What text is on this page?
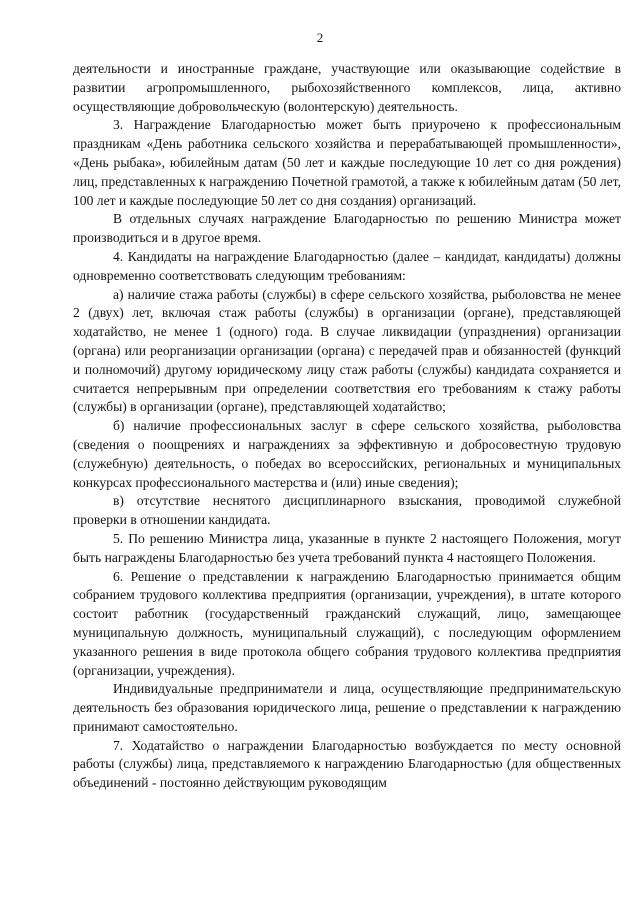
2

деятельности и иностранные граждане, участвующие или оказывающие содействие в развитии агропромышленного, рыбохозяйственного комплексов, лица, активно осуществляющие добровольческую (волонтерскую) деятельность.

3. Награждение Благодарностью может быть приурочено к профессиональным праздникам «День работника сельского хозяйства и перерабатывающей промышленности», «День рыбака», юбилейным датам (50 лет и каждые последующие 10 лет со дня рождения) лиц, представленных к награждению Почетной грамотой, а также к юбилейным датам (50 лет, 100 лет и каждые последующие 50 лет со дня создания) организаций.

В отдельных случаях награждение Благодарностью по решению Министра может производиться и в другое время.

4. Кандидаты на награждение Благодарностью (далее – кандидат, кандидаты) должны одновременно соответствовать следующим требованиям:

а) наличие стажа работы (службы) в сфере сельского хозяйства, рыболовства не менее 2 (двух) лет, включая стаж работы (службы) в организации (органе), представляющей ходатайство, не менее 1 (одного) года. В случае ликвидации (упразднения) организации (органа) или реорганизации организации (органа) с передачей прав и обязанностей (функций и полномочий) другому юридическому лицу стаж работы (службы) кандидата сохраняется и считается непрерывным при определении соответствия его требованиям к стажу работы (службы) в организации (органе), представляющей ходатайство;

б) наличие профессиональных заслуг в сфере сельского хозяйства, рыболовства (сведения о поощрениях и награждениях за эффективную и добросовестную трудовую (служебную) деятельность, о победах во всероссийских, региональных и муниципальных конкурсах профессионального мастерства и (или) иные сведения);

в) отсутствие неснятого дисциплинарного взыскания, проводимой служебной проверки в отношении кандидата.

5. По решению Министра лица, указанные в пункте 2 настоящего Положения, могут быть награждены Благодарностью без учета требований пункта 4 настоящего Положения.

6. Решение о представлении к награждению Благодарностью принимается общим собранием трудового коллектива предприятия (организации, учреждения), в штате которого состоит работник (государственный гражданский служащий, лицо, замещающее муниципальную должность, муниципальный служащий), с последующим оформлением указанного решения в виде протокола общего собрания трудового коллектива предприятия (организации, учреждения).

Индивидуальные предприниматели и лица, осуществляющие предпринимательскую деятельность без образования юридического лица, решение о представлении к награждению принимают самостоятельно.

7. Ходатайство о награждении Благодарностью возбуждается по месту основной работы (службы) лица, представляемого к награждению Благодарностью (для общественных объединений - постоянно действующим руководящим
